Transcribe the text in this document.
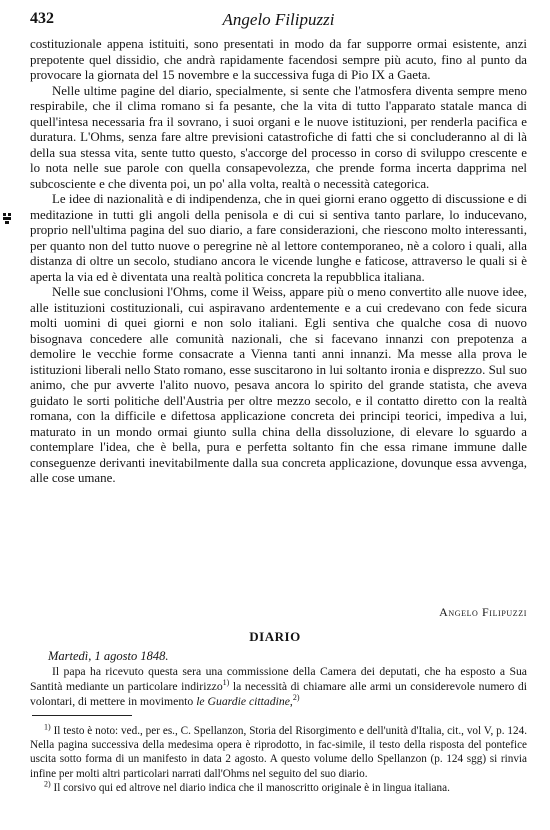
Angelo Filipuzzi
432

costituzionale appena istituiti, sono presentati in modo da far supporre ormai esistente, anzi prepotente quel dissidio, che andrà rapidamente facendosi sempre più acuto, fino al punto da provocare la giornata del 15 novembre e la successiva fuga di Pio IX a Gaeta.

Nelle ultime pagine del diario, specialmente, si sente che l'atmosfera diventa sempre meno respirabile, che il clima romano si fa pesante, che la vita di tutto l'apparato statale manca di quell'intesa necessaria fra il sovrano, i suoi organi e le nuove istituzioni, per renderla pacifica e duratura. L'Ohms, senza fare altre previsioni catastrofiche di fatti che si concluderanno al di là della sua stessa vita, sente tutto questo, s'accorge del processo in corso di sviluppo crescente e lo nota nelle sue parole con quella consapevolezza, che prende forma incerta dapprima nel subcosciente e che diventa poi, un po' alla volta, realtà o necessità categorica.

Le idee di nazionalità e di indipendenza, che in quei giorni erano oggetto di discussione e di meditazione in tutti gli angoli della penisola e di cui si sentiva tanto parlare, lo inducevano, proprio nell'ultima pagina del suo diario, a fare considerazioni, che riescono molto interessanti, per quanto non del tutto nuove o peregrine nè al lettore contemporaneo, nè a coloro i quali, alla distanza di oltre un secolo, studiano ancora le vicende lunghe e faticose, attraverso le quali si è aperta la via ed è diventata una realtà politica concreta la repubblica italiana.

Nelle sue conclusioni l'Ohms, come il Weiss, appare più o meno convertito alle nuove idee, alle istituzioni costituzionali, cui aspiravano ardentemente e a cui credevano con fede sicura molti uomini di quei giorni e non solo italiani. Egli sentiva che qualche cosa di nuovo bisognava concedere alle comunità nazionali, che si facevano innanzi con prepotenza a demolire le vecchie forme consacrate a Vienna tanti anni innanzi. Ma messe alla prova le istituzioni liberali nello Stato romano, esse suscitarono in lui soltanto ironia e disprezzo. Sul suo animo, che pur avverte l'alito nuovo, pesava ancora lo spirito del grande statista, che aveva guidato le sorti politiche dell'Austria per oltre mezzo secolo, e il contatto diretto con la realtà romana, con la difficile e difettosa applicazione concreta dei principi teorici, impediva a lui, maturato in un mondo ormai giunto sulla china della dissoluzione, di elevare lo sguardo a contemplare l'idea, che è bella, pura e perfetta soltanto fin che essa rimane immune dalle conseguenze derivanti inevitabilmente dalla sua concreta applicazione, dovunque essa avvenga, alle cose umane.

Angelo Filipuzzi
DIARIO
Martedì, 1 agosto 1848.

Il papa ha ricevuto questa sera una commissione della Camera dei deputati, che ha esposto a Sua Santità mediante un particolare indirizzo$^{1)}$ la necessità di chiamare alle armi un considerevole numero di volontari, di mettere in movimento le Guardie cittadine,$^{2)}$

$^{1)}$ Il testo è noto: ved., per es., C. Spellanzon, Storia del Risorgimento e dell'unità d'Italia, cit., vol V, p. 124. Nella pagina successiva della medesima opera è riprodotto, in fac-simile, il testo della risposta del pontefice uscita sotto forma di un manifesto in data 2 agosto. A questo volume dello Spellanzon (p. 124 sgg) si rinvia infine per molti altri particolari narrati dall'Ohms nel seguito del suo diario.

$^{2)}$ Il corsivo qui ed altrove nel diario indica che il manoscritto originale è in lingua italiana.
